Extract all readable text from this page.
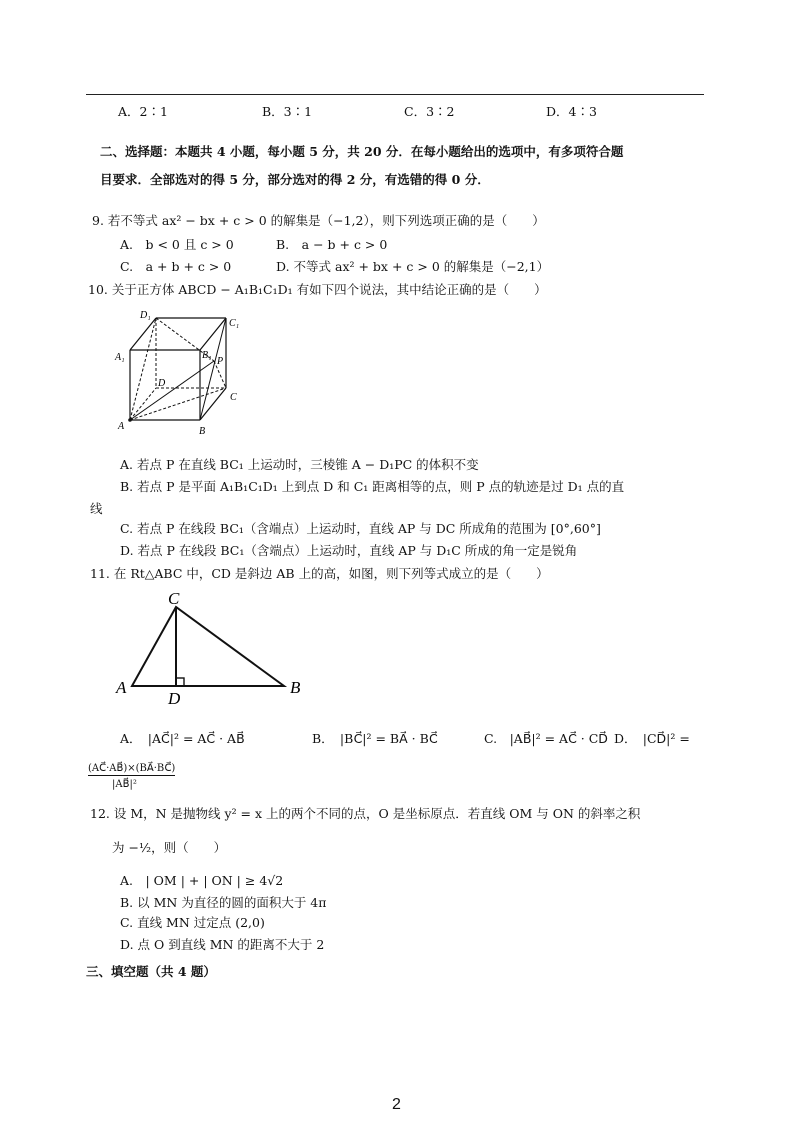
A．2∶1	B．3∶1	C．3∶2	D．4∶3
二、选择题：本题共 4 小题，每小题 5 分，共 20 分．在每小题给出的选项中，有多项符合题
目要求．全部选对的得 5 分，部分选对的得 2 分，有选错的得 0 分．
9. 若不等式 ax² − bx + c > 0 的解集是（−1,2），则下列选项正确的是（　　）
A.　b < 0 且 c > 0	B.　a − b + c > 0
C.　a + b + c > 0	D. 不等式 ax² + bx + c > 0 的解集是（−2,1）
10. 关于正方体 ABCD − A₁B₁C₁D₁ 有如下四个说法，其中结论正确的是（　　）
D₁
C₁
A₁	B₁
P
D
C
A	B
A. 若点 P 在直线 BC₁ 上运动时，三棱锥 A − D₁PC 的体积不变
B. 若点 P 是平面 A₁B₁C₁D₁ 上到点 D 和 C₁ 距离相等的点，则 P 点的轨迹是过 D₁ 点的直
线
C. 若点 P 在线段 BC₁（含端点）上运动时，直线 AP 与 DC 所成角的范围为 [0°,60°]
D. 若点 P 在线段 BC₁（含端点）上运动时，直线 AP 与 D₁C 所成的角一定是锐角
11. 在 Rt△ABC 中，CD 是斜边 AB 上的高，如图，则下列等式成立的是（　　）
C
A
D
B
A．　|AC⃗|² = AC⃗ · AB⃗	B．　|BC⃗|² = BA⃗ · BC⃗	C.　|AB⃗|² = AC⃗ · CD⃗ D．　|CD⃗|² =
(AC⃗·AB⃗)×(BA⃗·BC⃗)
|AB⃗|²
12. 设 M，N 是抛物线 y² = x 上的两个不同的点，O 是坐标原点．若直线 OM 与 ON 的斜率之积
为 −½，则（　　）
A.　| OM | + | ON | ≥ 4√2
B. 以 MN 为直径的圆的面积大于 4π
C. 直线 MN 过定点 (2,0)
D. 点 O 到直线 MN 的距离不大于 2
三、填空题（共 4 题）
2
